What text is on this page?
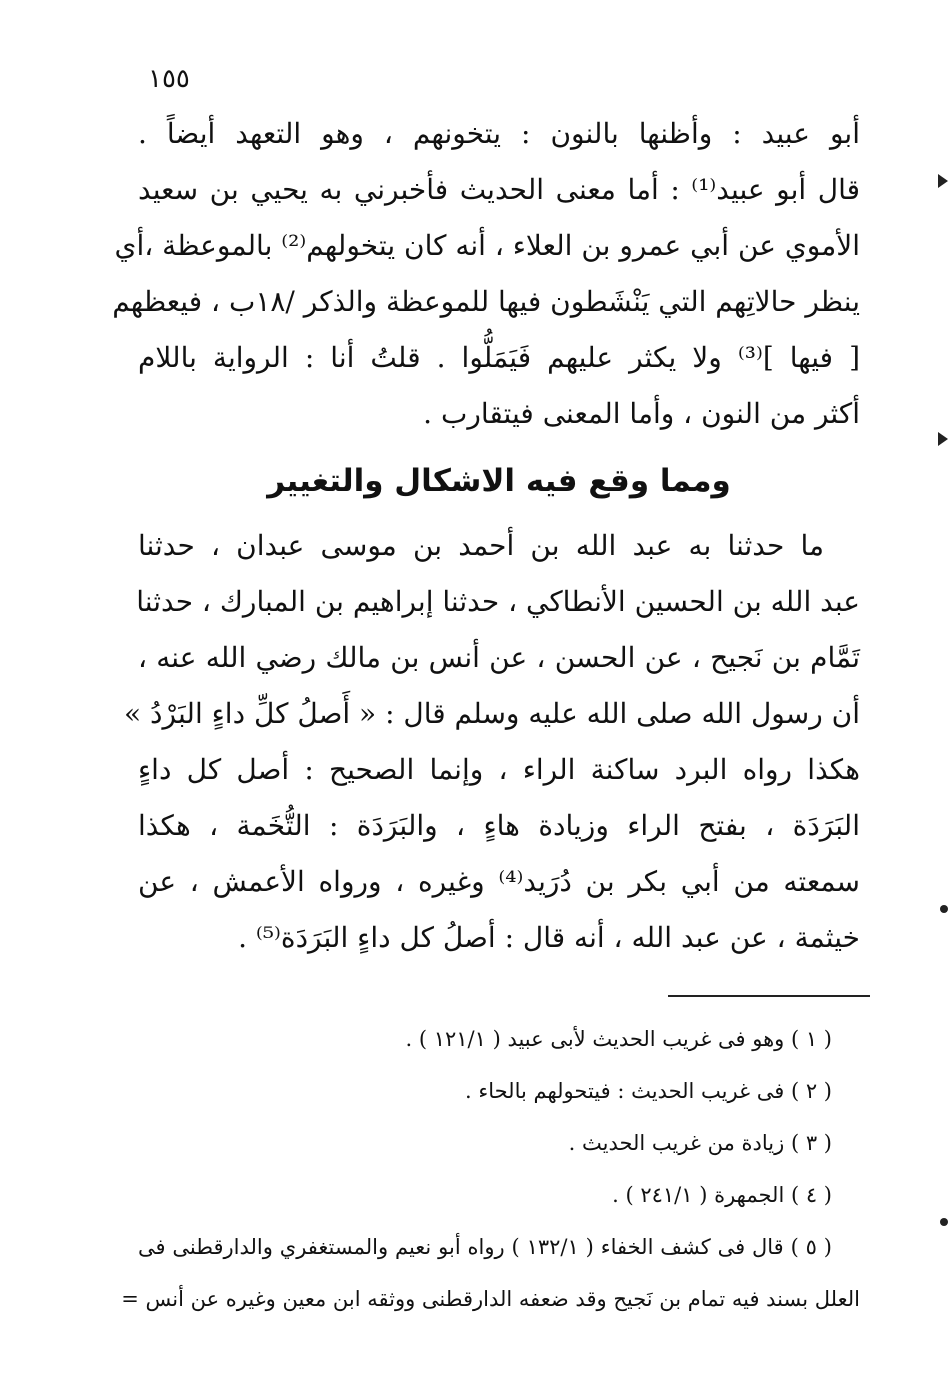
١٥٥
أبو عبيد : وأظنها بالنون : يتخونهم ، وهو التعهد أيضاً .
قال أبو عبيد⁽¹⁾ : أما معنى الحديث فأخبرني به يحيي بن سعيد
الأموي عن أبي عمرو بن العلاء ، أنه كان يتخولهم⁽²⁾ بالموعظة ،أي
ينظر حالاتِهم التي يَنْشَطون فيها للموعظة والذكر /١٨ب ، فيعظهم
[ فيها ]⁽³⁾ ولا يكثر عليهم فَيَمَلُّوا . قلتُ أنا : الرواية باللام
أكثر من النون ، وأما المعنى فيتقارب .
ومما وقع فيه الاشكال والتغيير
ما حدثنا به عبد الله بن أحمد بن موسى عبدان ، حدثنا
عبد الله بن الحسين الأنطاكي ، حدثنا إبراهيم بن المبارك ، حدثنا
تَمَّام بن نَجيح ، عن الحسن ، عن أنس بن مالك رضي الله عنه ،
أن رسول الله صلى الله عليه وسلم قال : « أَصلُ كلِّ داءٍ البَرْدُ »
هكذا رواه البرد ساكنة الراء ، وإنما الصحيح : أصل كل داءٍ
البَرَدَة ، بفتح الراء وزيادة هاءٍ ، والبَرَدَة : التُّخَمة ، هكذا
سمعته من أبي بكر بن دُرَيد⁽⁴⁾ وغيره ، ورواه الأعمش ، عن
خيثمة ، عن عبد الله ، أنه قال : أصلُ كل داءٍ البَرَدَة⁽⁵⁾ .
( ١ ) وهو فى غريب الحديث لأبى عبيد ( ١٢١/١ ) .
( ٢ ) فى غريب الحديث : فيتحولهم بالحاء .
( ٣ ) زيادة من غريب الحديث .
( ٤ ) الجمهرة ( ٢٤١/١ ) .
( ٥ ) قال فى كشف الخفاء ( ١٣٢/١ ) رواه أبو نعيم والمستغفري والدارقطنى فى
العلل بسند فيه تمام بن نَجيح وقد ضعفه الدارقطنى ووثقه ابن معين وغيره عن أنس =
